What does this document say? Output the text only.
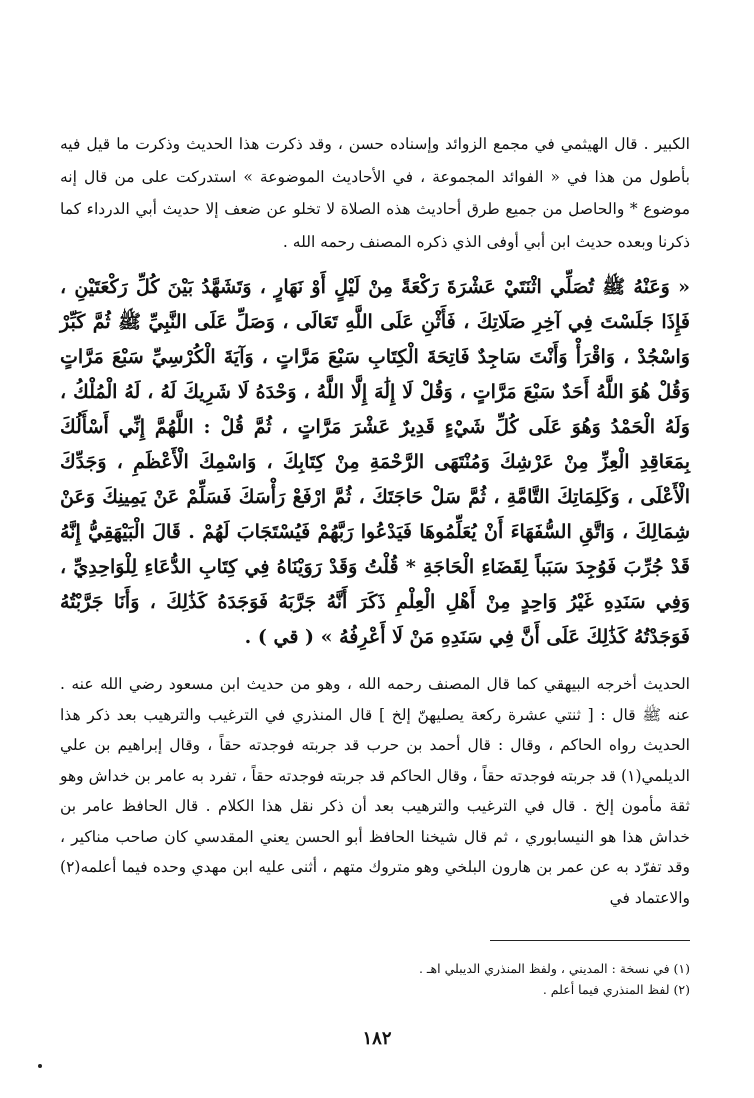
الكبير . قال الهيثمي في مجمع الزوائد وإسناده حسن ، وقد ذكرت هذا الحديث وذكرت ما قيل فيه بأطول من هذا في « الفوائد المجموعة ، في الأحاديث الموضوعة » استدركت على من قال إنه موضوع * والحاصل من جميع طرق أحاديث هذه الصلاة لا تخلو عن ضعف إلا حديث أبي الدرداء كما ذكرنا وبعده حديث ابن أبي أوفى الذي ذكره المصنف رحمه الله .

« وَعَنْهُ ﷺ تُصَلِّي اثْنَتَيْ عَشْرَةَ رَكْعَةً مِنْ لَيْلٍ أَوْ نَهَارٍ ، وَتَشَهَّدُ بَيْنَ كُلِّ رَكْعَتَيْنِ ، فَإِذَا جَلَسْتَ فِي آخِرِ صَلَاتِكَ ، فَأَثْنِ عَلَى اللَّهِ تَعَالَى ، وَصَلِّ عَلَى النَّبِيِّ ﷺ ثُمَّ كَبِّرْ وَاسْجُدْ ، وَاقْرَأْ وَأَنْتَ سَاجِدٌ فَاتِحَةَ الْكِتَابِ سَبْعَ مَرَّاتٍ ، وَآيَةَ الْكُرْسِيِّ سَبْعَ مَرَّاتٍ وَقُلْ هُوَ اللَّهُ أَحَدٌ سَبْعَ مَرَّاتٍ ، وَقُلْ لَا إِلَٰهَ إِلَّا اللَّهُ ، وَحْدَهُ لَا شَرِيكَ لَهُ ، لَهُ الْمُلْكُ ، وَلَهُ الْحَمْدُ وَهُوَ عَلَى كُلِّ شَيْءٍ قَدِيرٌ عَشْرَ مَرَّاتٍ ، ثُمَّ قُلْ : اللَّهُمَّ إِنِّي أَسْأَلُكَ بِمَعَاقِدِ الْعِزِّ مِنْ عَرْشِكَ وَمُنْتَهَى الرَّحْمَةِ مِنْ كِتَابِكَ ، وَاسْمِكَ الْأَعْظَمِ ، وَجَدِّكَ الْأَعْلَى ، وَكَلِمَاتِكَ التَّامَّةِ ، ثُمَّ سَلْ حَاجَتَكَ ، ثُمَّ ارْفَعْ رَأْسَكَ فَسَلِّمْ عَنْ يَمِينِكَ وَعَنْ شِمَالِكَ ، وَاتَّقِ السُّفَهَاءَ أَنْ يُعَلِّمُوهَا فَيَدْعُوا رَبَّهُمْ فَيُسْتَجَابَ لَهُمْ . قَالَ الْبَيْهَقِيُّ إِنَّهُ قَدْ جُرِّبَ فَوُجِدَ سَبَباً لِقَضَاءِ الْحَاجَةِ * قُلْتُ وَقَدْ رَوَيْنَاهُ فِي كِتَابِ الدُّعَاءِ لِلْوَاحِدِيِّ ، وَفِي سَنَدِهِ غَيْرُ وَاحِدٍ مِنْ أَهْلِ الْعِلْمِ ذَكَرَ أَنَّهُ جَرَّبَهُ فَوَجَدَهُ كَذَٰلِكَ ، وَأَنَا جَرَّبْتُهُ فَوَجَدْتُهُ كَذَٰلِكَ عَلَى أَنَّ فِي سَنَدِهِ مَنْ لَا أَعْرِفُهُ » ( قي ) .

الحديث أخرجه البيهقي كما قال المصنف رحمه الله ، وهو من حديث ابن مسعود رضي الله عنه . عنه ﷺ قال : [ ثنتي عشرة ركعة يصليهنّ إلخ ] قال المنذري في الترغيب والترهيب بعد ذكر هذا الحديث رواه الحاكم ، وقال : قال أحمد بن حرب قد جربته فوجدته حقاً ، وقال إبراهيم بن علي الديلمي(١) قد جربته فوجدته حقاً ، وقال الحاكم قد جربته فوجدته حقاً ، تفرد به عامر بن خداش وهو ثقة مأمون إلخ . قال في الترغيب والترهيب بعد أن ذكر نقل هذا الكلام . قال الحافظ عامر بن خداش هذا هو النيسابوري ، ثم قال شيخنا الحافظ أبو الحسن يعني المقدسي كان صاحب مناكير ، وقد تفرّد به عن عمر بن هارون البلخي وهو متروك متهم ، أثنى عليه ابن مهدي وحده فيما أعلمه(٢) والاعتماد في

(١) في نسخة : المديني ، ولفظ المنذري الديبلي اهـ .
(٢) لفظ المنذري فيما أعلم .
١٨٢
